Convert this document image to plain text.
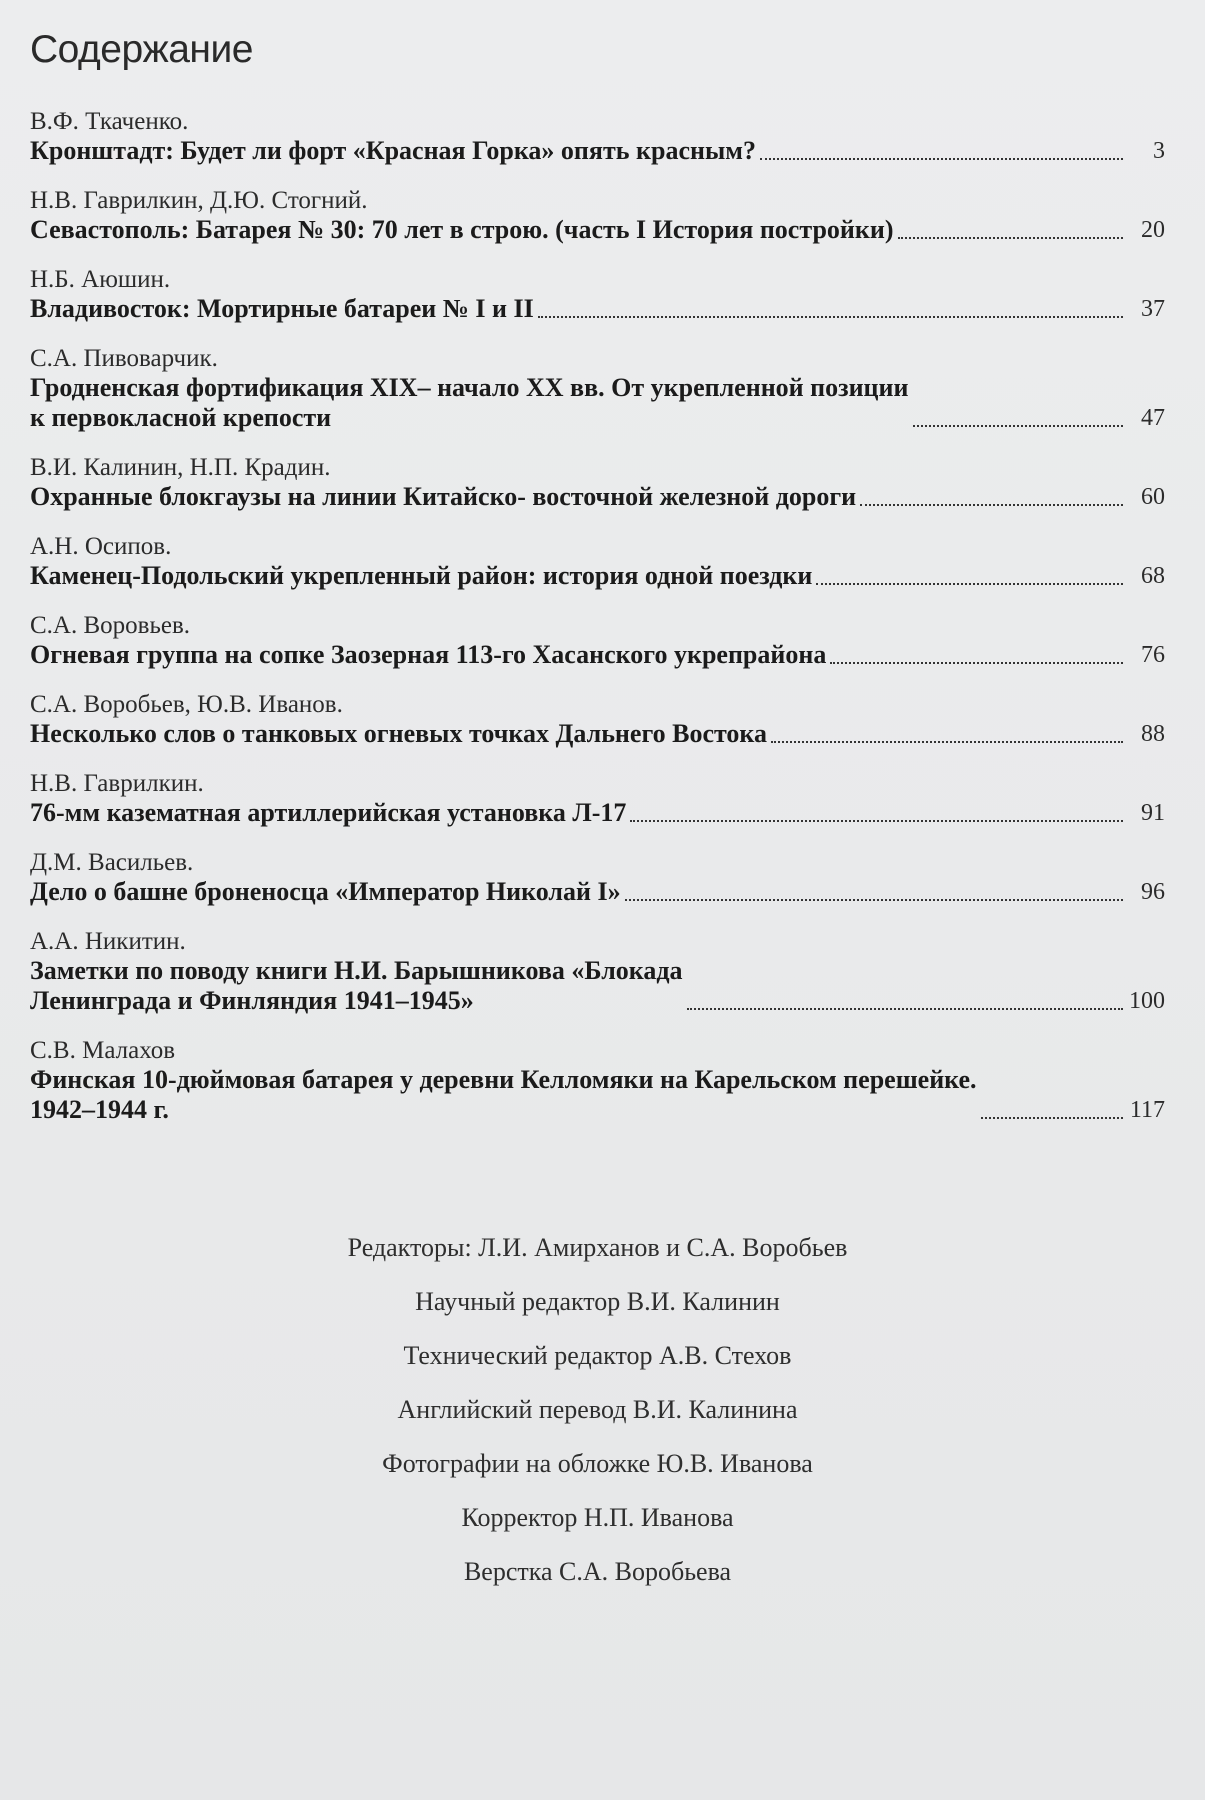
Содержание
В.Ф. Ткаченко.
Кронштадт: Будет ли форт «Красная Горка» опять красным?	3
Н.В. Гаврилкин, Д.Ю. Стогний.
Севастополь: Батарея № 30: 70 лет в строю. (часть I История постройки)	20
Н.Б. Аюшин.
Владивосток: Мортирные батареи № I и II	37
С.А. Пивоварчик.
Гродненская фортификация XIX– начало XX вв. От укрепленной позиции
к первокласной крепости	47
В.И. Калинин, Н.П. Крадин.
Охранные блокгаузы на линии Китайско- восточной железной дороги	60
А.Н. Осипов.
Каменец-Подольский укрепленный район: история одной поездки	68
С.А. Воровьев.
Огневая группа на сопке Заозерная 113-го Хасанского укрепрайона	76
С.А. Воробьев, Ю.В. Иванов.
Несколько слов о танковых огневых точках Дальнего Востока	88
Н.В. Гаврилкин.
76-мм казематная артиллерийская установка Л-17	91
Д.М. Васильев.
Дело о башне броненосца «Император Николай I»	96
А.А. Никитин.
Заметки по поводу книги Н.И. Барышникова «Блокада
Ленинграда и Финляндия 1941–1945»	100
С.В. Малахов
Финская 10-дюймовая батарея у деревни Келломяки на Карельском перешейке.
1942–1944 г.	117
Редакторы: Л.И. Амирханов и С.А. Воробьев
Научный редактор В.И. Калинин
Технический редактор А.В. Стехов
Английский перевод В.И. Калинина
Фотографии на обложке Ю.В. Иванова
Корректор Н.П. Иванова
Верстка С.А. Воробьева
